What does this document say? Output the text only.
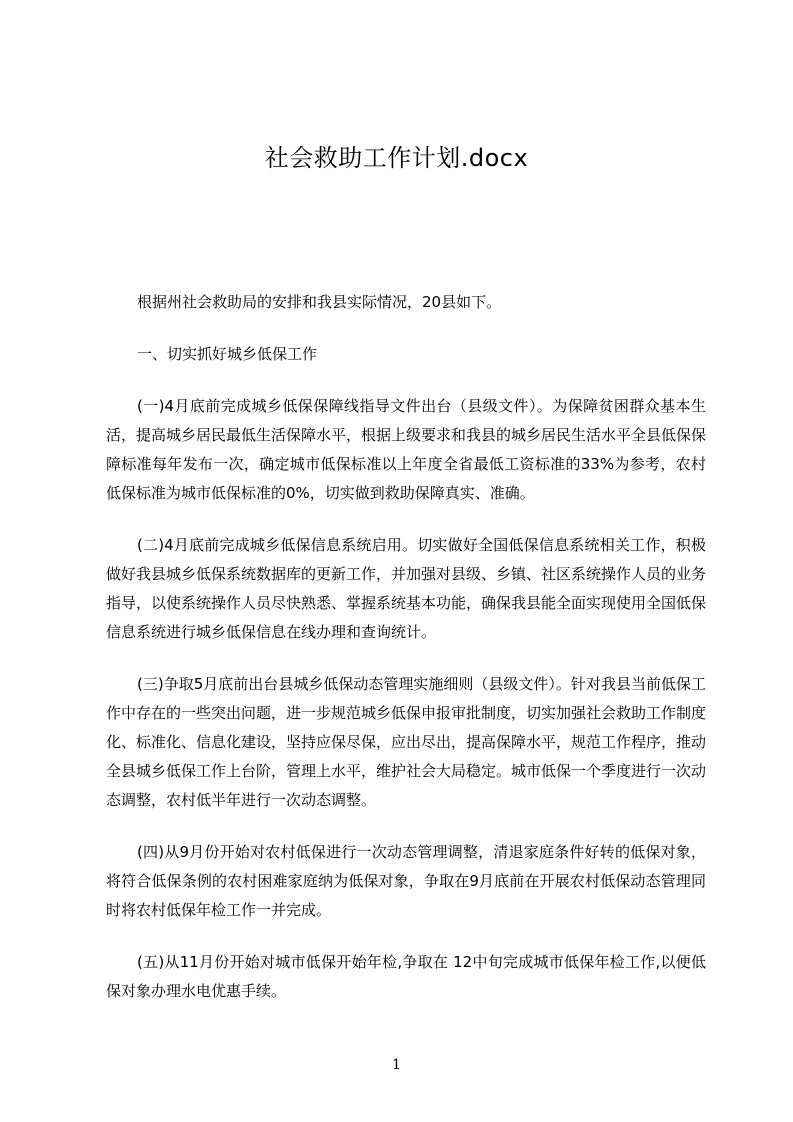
社会救助工作计划.docx

根据州社会救助局的安排和我县实际情况，20县如下。

一、切实抓好城乡低保工作

(一)4月底前完成城乡低保保障线指导文件出台（县级文件）。为保障贫困群众基本生活，提高城乡居民最低生活保障水平，根据上级要求和我县的城乡居民生活水平全县低保保障标准每年发布一次，确定城市低保标准以上年度全省最低工资标准的33%为参考，农村低保标准为城市低保标准的0%，切实做到救助保障真实、准确。

(二)4月底前完成城乡低保信息系统启用。切实做好全国低保信息系统相关工作，积极做好我县城乡低保系统数据库的更新工作，并加强对县级、乡镇、社区系统操作人员的业务指导，以使系统操作人员尽快熟悉、掌握系统基本功能，确保我县能全面实现使用全国低保信息系统进行城乡低保信息在线办理和查询统计。

(三)争取5月底前出台县城乡低保动态管理实施细则（县级文件）。针对我县当前低保工作中存在的一些突出问题，进一步规范城乡低保申报审批制度，切实加强社会救助工作制度化、标准化、信息化建设，坚持应保尽保，应出尽出，提高保障水平，规范工作程序，推动全县城乡低保工作上台阶，管理上水平，维护社会大局稳定。城市低保一个季度进行一次动态调整，农村低半年进行一次动态调整。

(四)从9月份开始对农村低保进行一次动态管理调整，清退家庭条件好转的低保对象，将符合低保条例的农村困难家庭纳为低保对象，争取在9月底前在开展农村低保动态管理同时将农村低保年检工作一并完成。

(五)从11月份开始对城市低保开始年检,争取在 12中旬完成城市低保年检工作,以便低保对象办理水电优惠手续。

1
